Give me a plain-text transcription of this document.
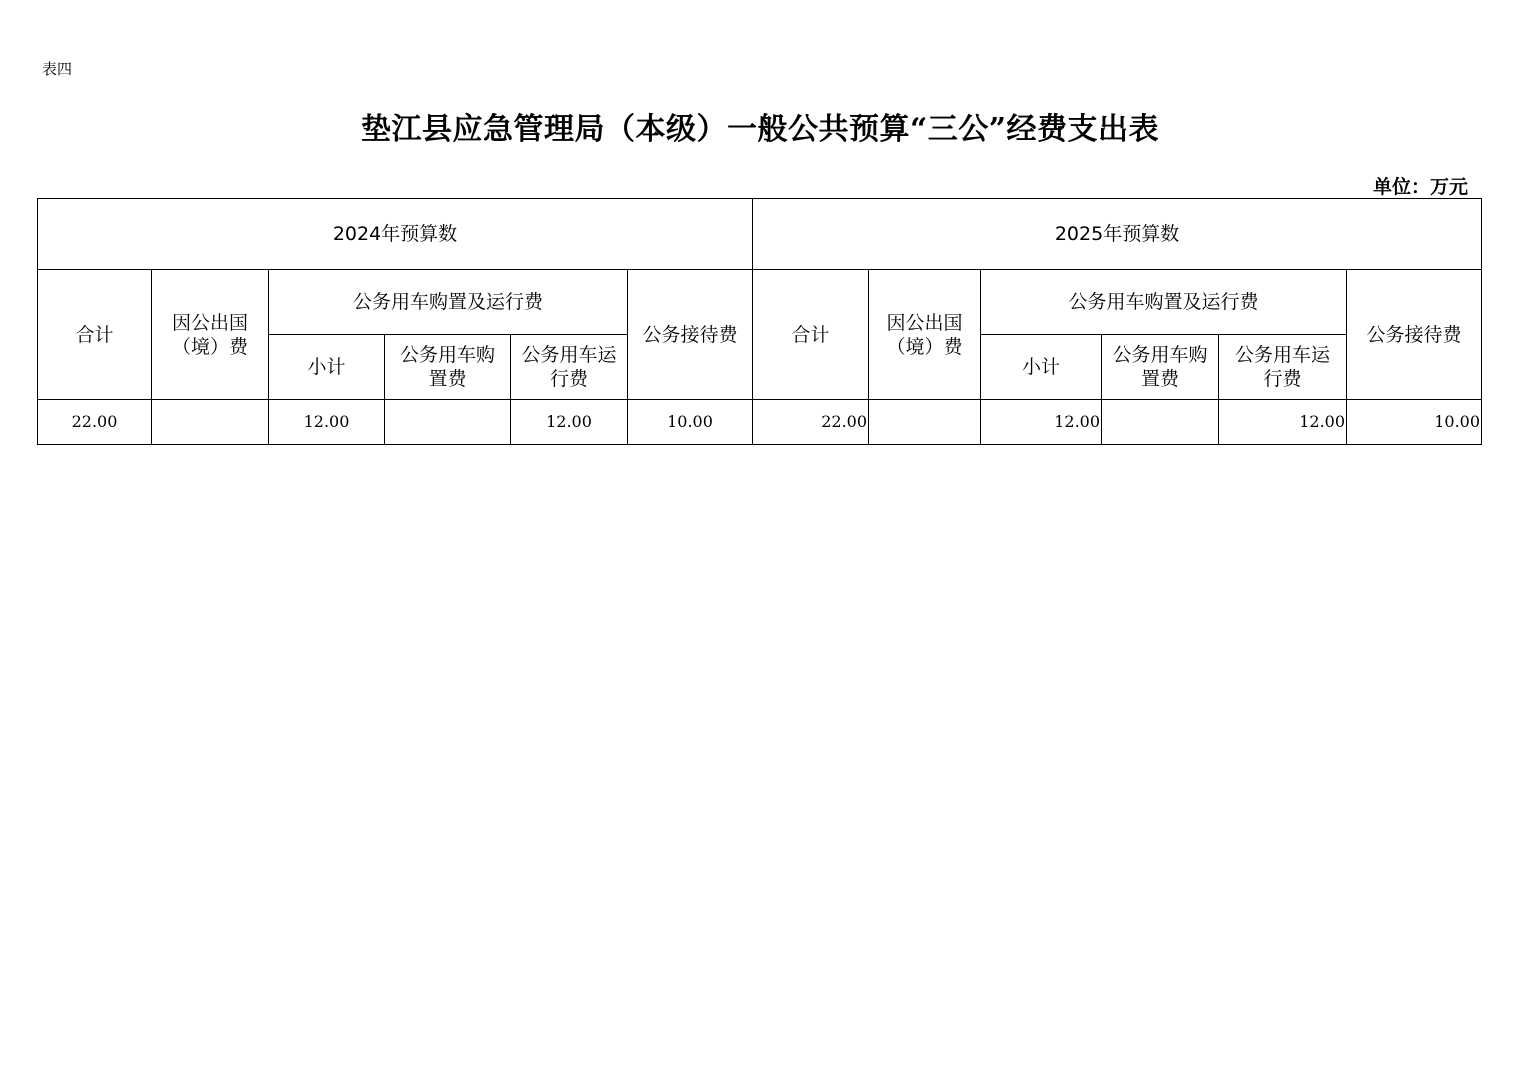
表四
垫江县应急管理局（本级）一般公共预算“三公”经费支出表
单位：万元
2024年预算数						2025年预算数					
合计	因公出国（境）费	公务用车购置及运行费			公务接待费	合计	因公出国（境）费	公务用车购置及运行费			公务接待费
		小计	公务用车购置费	公务用车运行费				小计	公务用车购置费	公务用车运行费	
22.00		12.00		12.00	10.00	22.00		12.00		12.00	10.00
